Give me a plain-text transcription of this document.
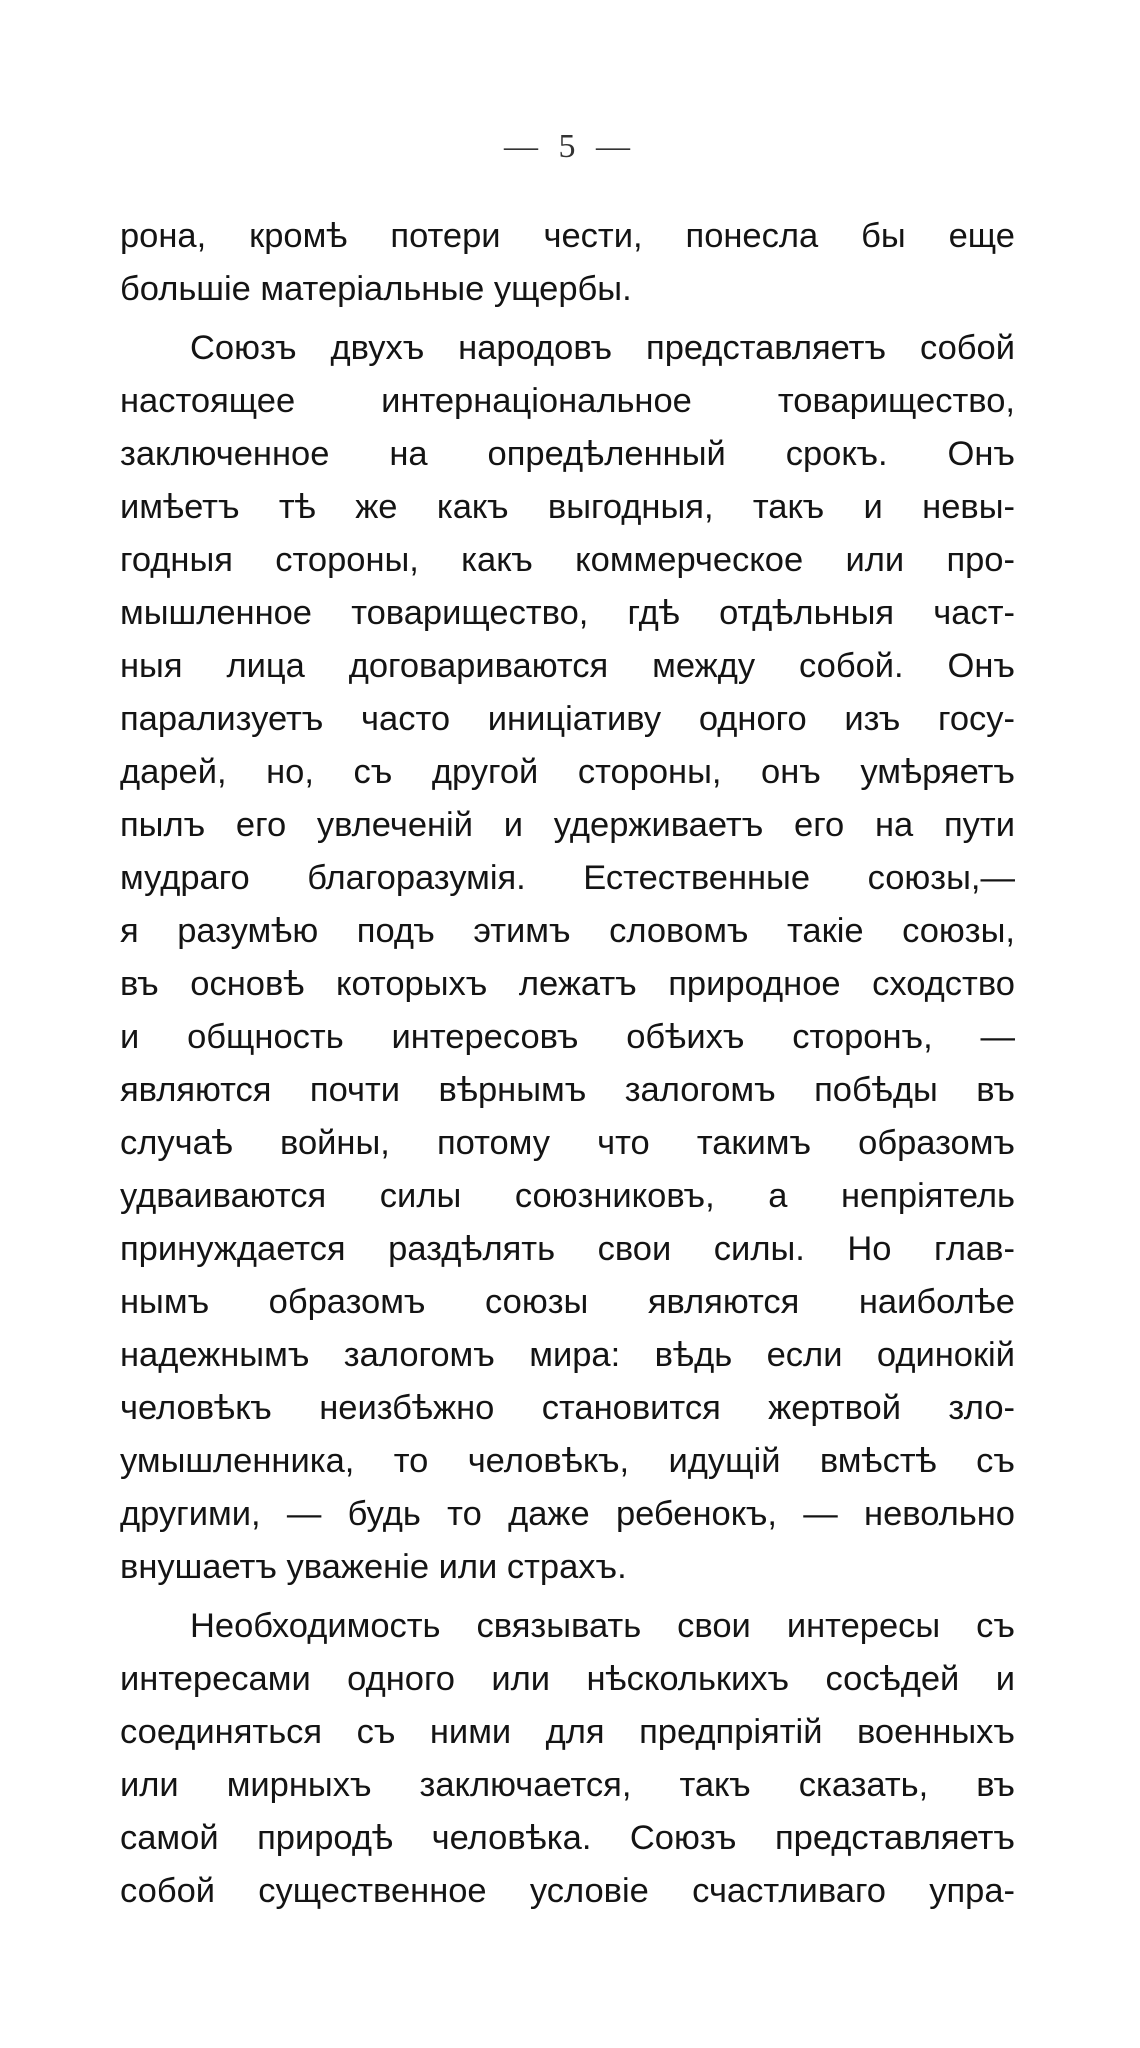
— 5 —
рона, кромѣ потери чести, понесла бы еще
большіе матеріальные ущербы.
Союзъ двухъ народовъ представляетъ собой
настоящее интернаціональное товарищество,
заключенное на опредѣленный срокъ. Онъ
имѣетъ тѣ же какъ выгодныя, такъ и невы-
годныя стороны, какъ коммерческое или про-
мышленное товарищество, гдѣ отдѣльныя част-
ныя лица договариваются между собой. Онъ
парализуетъ часто иниціативу одного изъ госу-
дарей, но, съ другой стороны, онъ умѣряетъ
пылъ его увлеченій и удерживаетъ его на пути
мудраго благоразумія. Естественные союзы,—
я разумѣю подъ этимъ словомъ такіе союзы,
въ основѣ которыхъ лежатъ природное сходство
и общность интересовъ обѣихъ сторонъ, —
являются почти вѣрнымъ залогомъ побѣды въ
случаѣ войны, потому что такимъ образомъ
удваиваются силы союзниковъ, а непріятель
принуждается раздѣлять свои силы. Но глав-
нымъ образомъ союзы являются наиболѣе
надежнымъ залогомъ мира: вѣдь если одинокій
человѣкъ неизбѣжно становится жертвой зло-
умышленника, то человѣкъ, идущій вмѣстѣ съ
другими, — будь то даже ребенокъ, — невольно
внушаетъ уваженіе или страхъ.
Необходимость связывать свои интересы съ
интересами одного или нѣсколькихъ сосѣдей и
соединяться съ ними для предпріятій военныхъ
или мирныхъ заключается, такъ сказать, въ
самой природѣ человѣка. Союзъ представляетъ
собой существенное условіе счастливаго упра-
